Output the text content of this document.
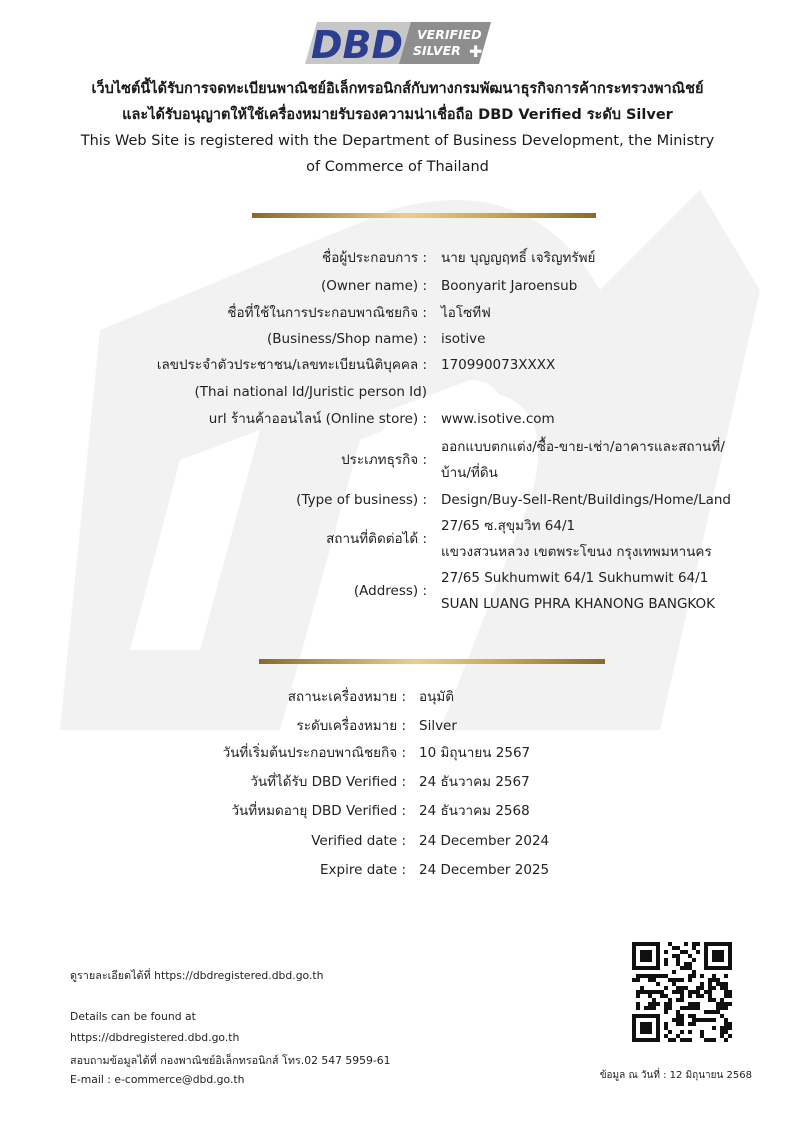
DBD VERIFIED
SILVER ✚
เว็บไซต์นี้ได้รับการจดทะเบียนพาณิชย์อิเล็กทรอนิกส์กับทางกรมพัฒนาธุรกิจการค้ากระทรวงพาณิชย์
และได้รับอนุญาตให้ใช้เครื่องหมายรับรองความน่าเชื่อถือ DBD Verified ระดับ Silver
This Web Site is registered with the Department of Business Development, the Ministry
of Commerce of Thailand
ชื่อผู้ประกอบการ : นาย บุญญฤทธิ์ เจริญทรัพย์
(Owner name) : Boonyarit Jaroensub
ชื่อที่ใช้ในการประกอบพาณิชยกิจ : ไอโซทีฟ
(Business/Shop name) : isotive
เลขประจำตัวประชาชน/เลขทะเบียนนิติบุคคล : 170990073XXXX
(Thai national Id/Juristic person Id)
url ร้านค้าออนไลน์ (Online store) : www.isotive.com
ประเภทธุรกิจ :
ออกแบบตกแต่ง/ซื้อ-ขาย-เช่า/อาคารและสถานที่/
บ้าน/ที่ดิน
(Type of business) : Design/Buy-Sell-Rent/Buildings/Home/Land
สถานที่ติดต่อได้ :
27/65 ซ.สุขุมวิท 64/1
แขวงสวนหลวง เขตพระโขนง กรุงเทพมหานคร
(Address) :
27/65 Sukhumwit 64/1 Sukhumwit 64/1
SUAN LUANG PHRA KHANONG BANGKOK
สถานะเครื่องหมาย : อนุมัติ
ระดับเครื่องหมาย : Silver
วันที่เริ่มต้นประกอบพาณิชยกิจ : 10 มิถุนายน 2567
วันที่ได้รับ DBD Verified : 24 ธันวาคม 2567
วันที่หมดอายุ DBD Verified : 24 ธันวาคม 2568
Verified date : 24 December 2024
Expire date : 24 December 2025
ดูรายละเอียดได้ที่ https://dbdregistered.dbd.go.th
Details can be found at
https://dbdregistered.dbd.go.th
สอบถามข้อมูลได้ที่ กองพาณิชย์อิเล็กทรอนิกส์ โทร.02 547 5959-61
E-mail : e-commerce@dbd.go.th	ข้อมูล ณ วันที่ : 12 มิถุนายน 2568
